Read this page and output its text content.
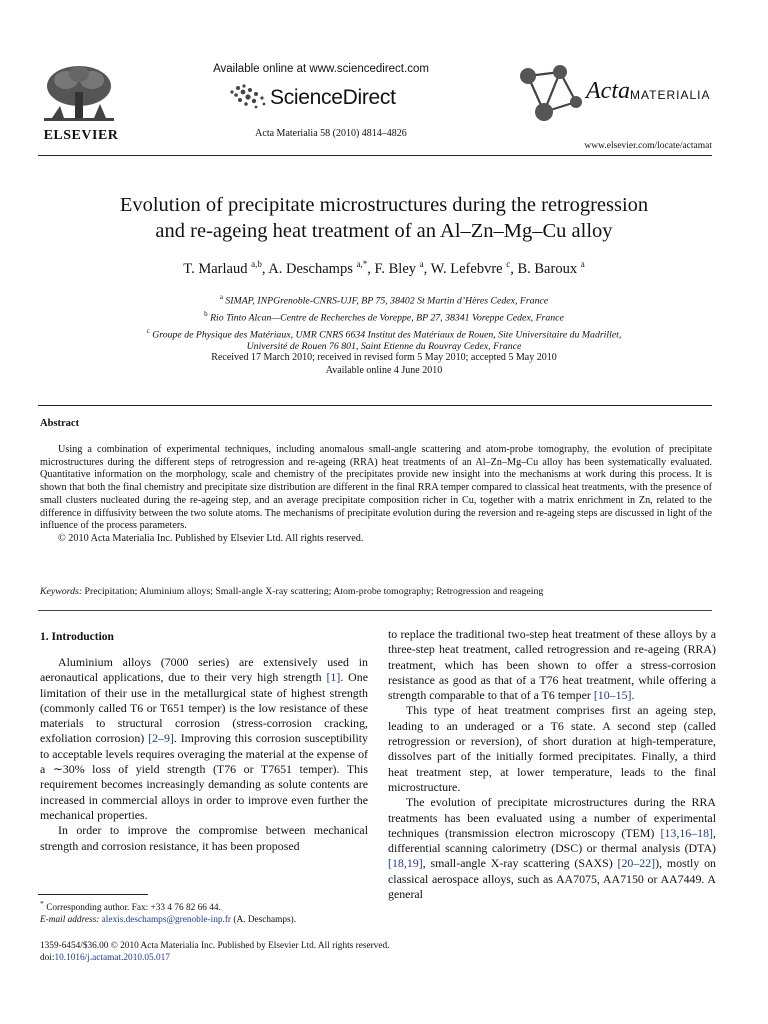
ELSEVIER
Available online at www.sciencedirect.com
ScienceDirect
Acta Materialia 58 (2010) 4814–4826
Acta MATERIALIA
www.elsevier.com/locate/actamat
Evolution of precipitate microstructures during the retrogression
and re-ageing heat treatment of an Al–Zn–Mg–Cu alloy
T. Marlaud $^{a,b}$, A. Deschamps $^{a,*}$, F. Bley $^a$, W. Lefebvre $^c$, B. Baroux $^a$
$^a$ SIMAP, INPGrenoble-CNRS-UJF, BP 75, 38402 St Martin d’Hères Cedex, France
$^b$ Rio Tinto Alcan—Centre de Recherches de Voreppe, BP 27, 38341 Voreppe Cedex, France
$^c$ Groupe de Physique des Matériaux, UMR CNRS 6634 Institut des Matériaux de Rouen, Site Universitaire du Madrillet,
Université de Rouen 76 801, Saint Etienne du Rouvray Cedex, France
Received 17 March 2010; received in revised form 5 May 2010; accepted 5 May 2010
Available online 4 June 2010
Abstract

Using a combination of experimental techniques, including anomalous small-angle scattering and atom-probe tomography, the evolution of precipitate microstructures during the different steps of retrogression and re-ageing (RRA) heat treatments of an Al–Zn–Mg–Cu alloy has been systematically evaluated. Quantitative information on the morphology, scale and chemistry of the precipitates provide new insight into the mechanisms at work during this process. It is shown that both the final chemistry and precipitate size distribution are different in the final RRA temper compared to classical heat treatments, with the presence of small clusters nucleated during the re-ageing step, and an average precipitate composition richer in Cu, together with a matrix enrichment in Zn, related to the difference in diffusivity between the two solute atoms. The mechanisms of precipitate evolution during the reversion and re-ageing steps are discussed in light of the influence of the process parameters.

© 2010 Acta Materialia Inc. Published by Elsevier Ltd. All rights reserved.

Keywords: Precipitation; Aluminium alloys; Small-angle X-ray scattering; Atom-probe tomography; Retrogression and reageing
1. Introduction

Aluminium alloys (7000 series) are extensively used in aeronautical applications, due to their very high strength [1]. One limitation of their use in the metallurgical state of highest strength (commonly called T6 or T651 temper) is the low resistance of these materials to structural corrosion (stress-corrosion cracking, exfoliation corrosion) [2–9]. Improving this corrosion susceptibility to acceptable levels requires overaging the material at the expense of a ∼30% loss of yield strength (T76 or T7651 temper). This requirement becomes increasingly demanding as solute contents are increased in commercial alloys in order to improve even further the mechanical properties.

In order to improve the compromise between mechanical strength and corrosion resistance, it has been proposed

to replace the traditional two-step heat treatment of these alloys by a three-step heat treatment, called retrogression and re-ageing (RRA) treatment, which has been shown to offer a stress-corrosion resistance as good as that of a T76 heat treatment, while offering a strength comparable to that of a T6 temper [10–15].

This type of heat treatment comprises first an ageing step, leading to an underaged or a T6 state. A second step (called retrogression or reversion), of short duration at high-temperature, dissolves part of the initially formed precipitates. Finally, a third heat treatment step, at lower temperature, leads to the final microstructure.

The evolution of precipitate microstructures during the RRA treatments has been evaluated using a number of experimental techniques (transmission electron microscopy (TEM) [13,16–18], differential scanning calorimetry (DSC) or thermal analysis (DTA) [18,19], small-angle X-ray scattering (SAXS) [20–22]), mostly on classical aerospace alloys, such as AA7075, AA7150 or AA7449. A general

* Corresponding author. Fax: +33 4 76 82 66 44.
E-mail address: alexis.deschamps@grenoble-inp.fr (A. Deschamps).
1359-6454/$36.00 © 2010 Acta Materialia Inc. Published by Elsevier Ltd. All rights reserved.
doi:10.1016/j.actamat.2010.05.017
